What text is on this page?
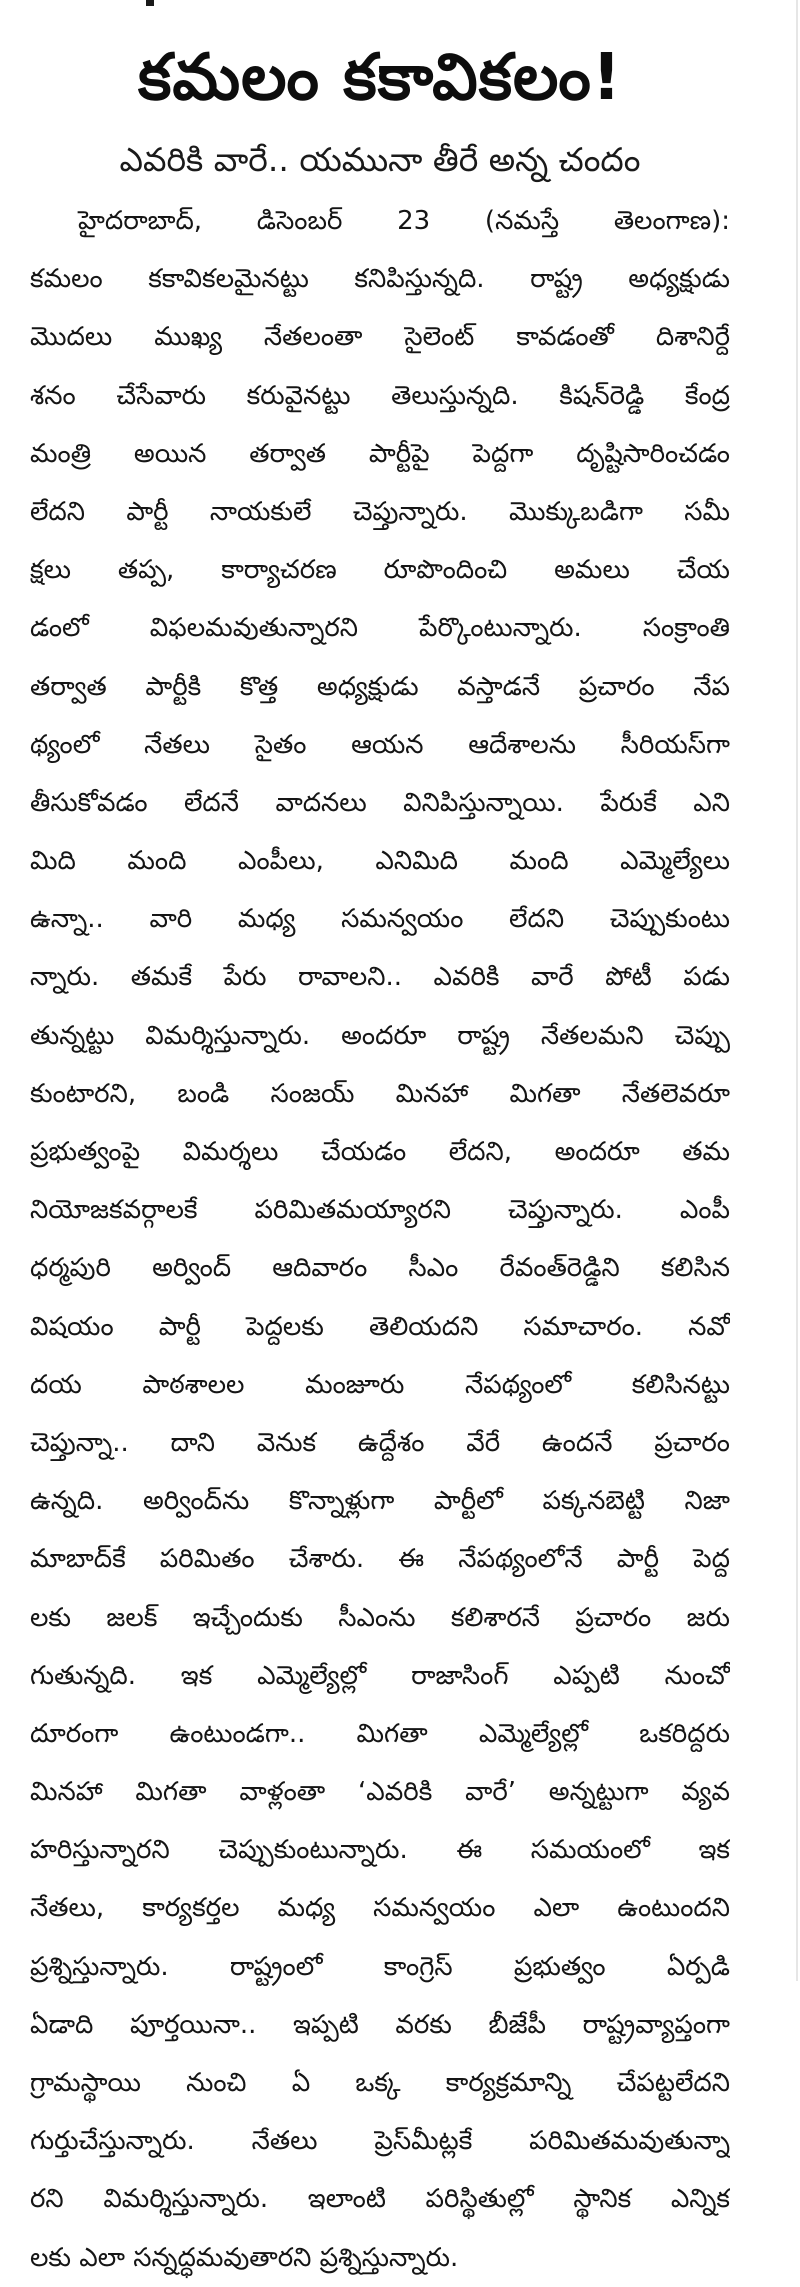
కమలం కకావికలం!
ఎవరికి వారే.. యమునా తీరే అన్న చందం
హైదరాబాద్, డిసెంబర్ 23 (నమస్తే తెలంగాణ):
కమలం కకావికలమైనట్టు కనిపిస్తున్నది. రాష్ట్ర అధ్యక్షుడు
మొదలు ముఖ్య నేతలంతా సైలెంట్ కావడంతో దిశానిర్దే
శనం చేసేవారు కరువైనట్టు తెలుస్తున్నది. కిషన్‌రెడ్డి కేంద్ర
మంత్రి అయిన తర్వాత పార్టీపై పెద్దగా దృష్టిసారించడం
లేదని పార్టీ నాయకులే చెప్తున్నారు. మొక్కుబడిగా సమీ
క్షలు తప్ప, కార్యాచరణ రూపొందించి అమలు చేయ
డంలో విఫలమవుతున్నారని పేర్కొంటున్నారు. సంక్రాంతి
తర్వాత పార్టీకి కొత్త అధ్యక్షుడు వస్తాడనే ప్రచారం నేప
థ్యంలో నేతలు సైతం ఆయన ఆదేశాలను సీరియస్‌గా
తీసుకోవడం లేదనే వాదనలు వినిపిస్తున్నాయి. పేరుకే ఎని
మిది మంది ఎంపీలు, ఎనిమిది మంది ఎమ్మెల్యేలు
ఉన్నా.. వారి మధ్య సమన్వయం లేదని చెప్పుకుంటు
న్నారు. తమకే పేరు రావాలని.. ఎవరికి వారే పోటీ పడు
తున్నట్టు విమర్శిస్తున్నారు. అందరూ రాష్ట్ర నేతలమని చెప్పు
కుంటారని, బండి సంజయ్ మినహా మిగతా నేతలెవరూ
ప్రభుత్వంపై విమర్శలు చేయడం లేదని, అందరూ తమ
నియోజకవర్గాలకే పరిమితమయ్యారని చెప్తున్నారు. ఎంపీ
ధర్మపురి అర్వింద్ ఆదివారం సీఎం రేవంత్‌రెడ్డిని కలిసిన
విషయం పార్టీ పెద్దలకు తెలియదని సమాచారం. నవో
దయ పాఠశాలల మంజూరు నేపథ్యంలో కలిసినట్టు
చెప్తున్నా.. దాని వెనుక ఉద్దేశం వేరే ఉందనే ప్రచారం
ఉన్నది. అర్వింద్‌ను కొన్నాళ్లుగా పార్టీలో పక్కనబెట్టి నిజా
మాబాద్‌కే పరిమితం చేశారు. ఈ నేపథ్యంలోనే పార్టీ పెద్ద
లకు జలక్ ఇచ్చేందుకు సీఎంను కలిశారనే ప్రచారం జరు
గుతున్నది. ఇక ఎమ్మెల్యేల్లో రాజాసింగ్ ఎప్పటి నుంచో
దూరంగా ఉంటుండగా.. మిగతా ఎమ్మెల్యేల్లో ఒకరిద్దరు
మినహా మిగతా వాళ్లంతా ‘ఎవరికి వారే’ అన్నట్టుగా వ్యవ
హరిస్తున్నారని చెప్పుకుంటున్నారు. ఈ సమయంలో ఇక
నేతలు, కార్యకర్తల మధ్య సమన్వయం ఎలా ఉంటుందని
ప్రశ్నిస్తున్నారు. రాష్ట్రంలో కాంగ్రెస్ ప్రభుత్వం ఏర్పడి
ఏడాది పూర్తయినా.. ఇప్పటి వరకు బీజేపీ రాష్ట్రవ్యాప్తంగా
గ్రామస్థాయి నుంచి ఏ ఒక్క కార్యక్రమాన్ని చేపట్టలేదని
గుర్తుచేస్తున్నారు. నేతలు ప్రెస్‌మీట్లకే పరిమితమవుతున్నా
రని విమర్శిస్తున్నారు. ఇలాంటి పరిస్థితుల్లో స్థానిక ఎన్నిక
లకు ఎలా సన్నద్ధమవుతారని ప్రశ్నిస్తున్నారు.
